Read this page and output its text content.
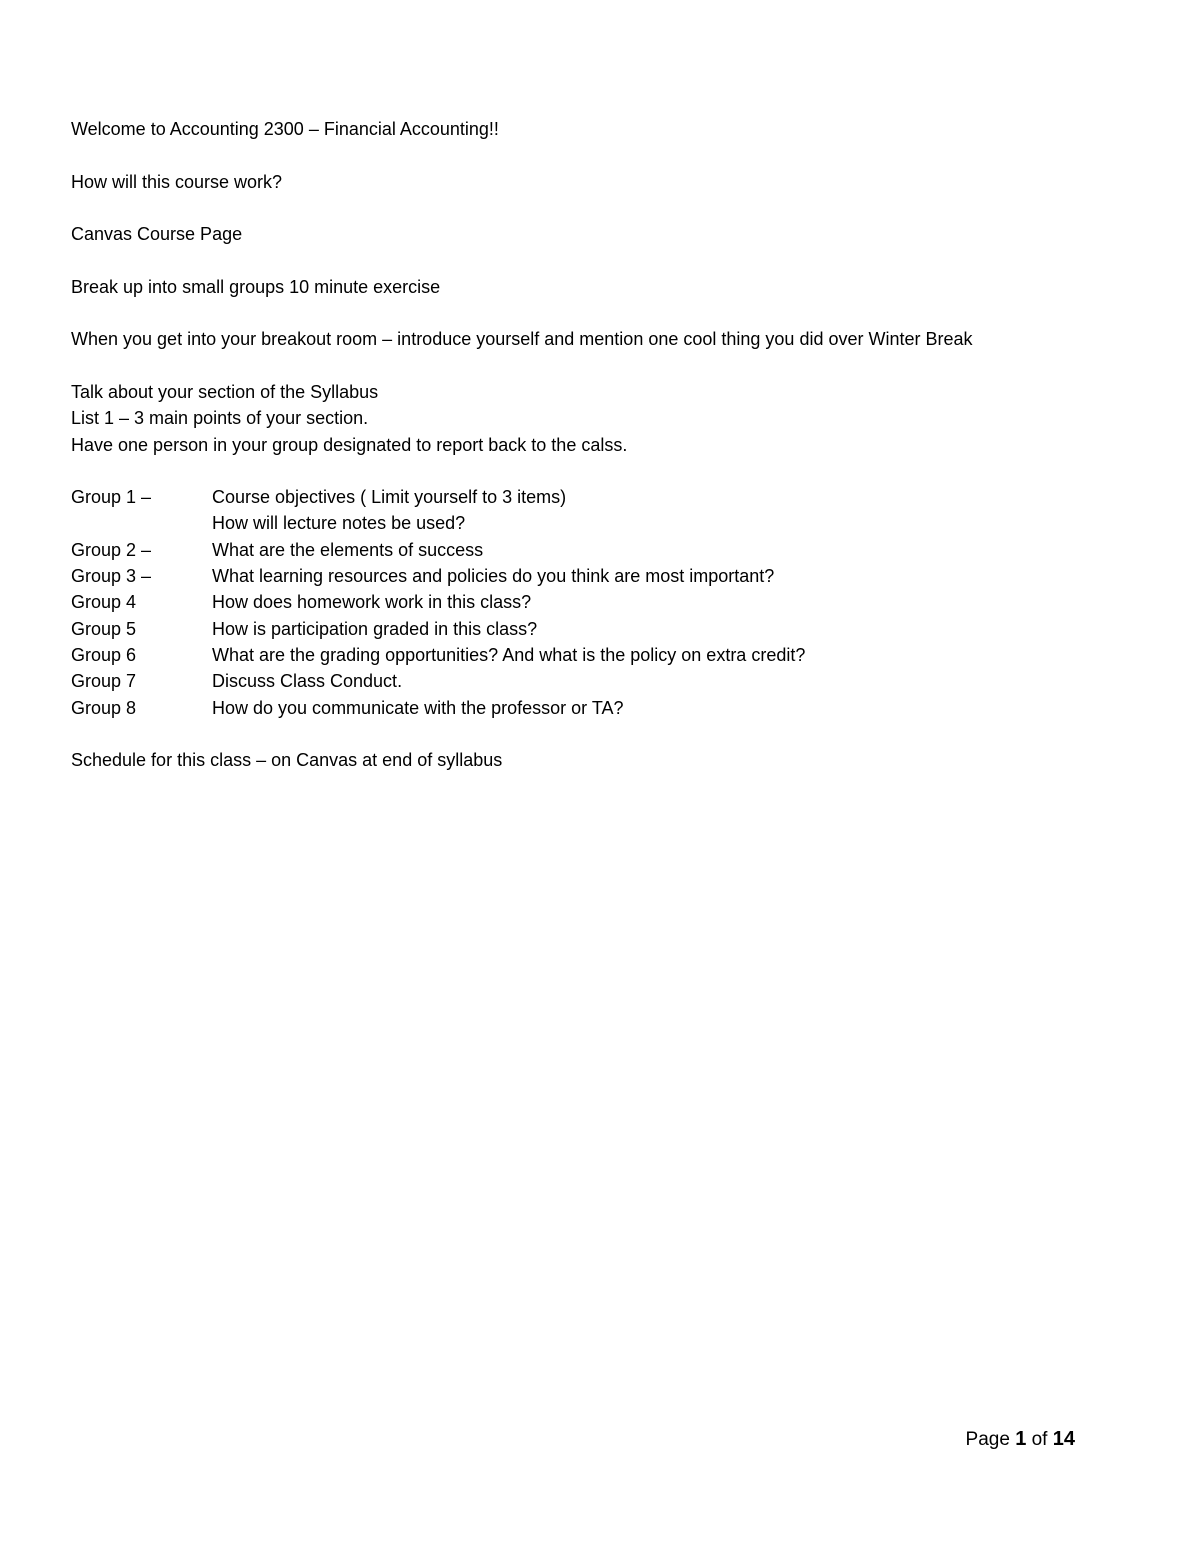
Welcome to Accounting 2300 – Financial Accounting!!
How will this course work?
Canvas Course Page
Break up into small groups 10 minute exercise
When you get into your breakout room – introduce yourself and mention one cool thing you did over Winter Break
Talk about your section of the Syllabus
List 1 – 3 main points of your section.
Have one person in your group designated to report back to the calss.
Group 1 –	Course objectives ( Limit yourself to 3 items)
How will lecture notes be used?
Group 2 –	What are the elements of success
Group 3 –	What learning resources and policies do you think are most important?
Group 4	How does homework work in this class?
Group 5	How is participation graded in this class?
Group 6	What are the grading opportunities? And what is the policy on extra credit?
Group 7	Discuss Class Conduct.
Group 8	How do you communicate with the professor or TA?
Schedule for this class – on Canvas at end of syllabus
Page 1 of 14
